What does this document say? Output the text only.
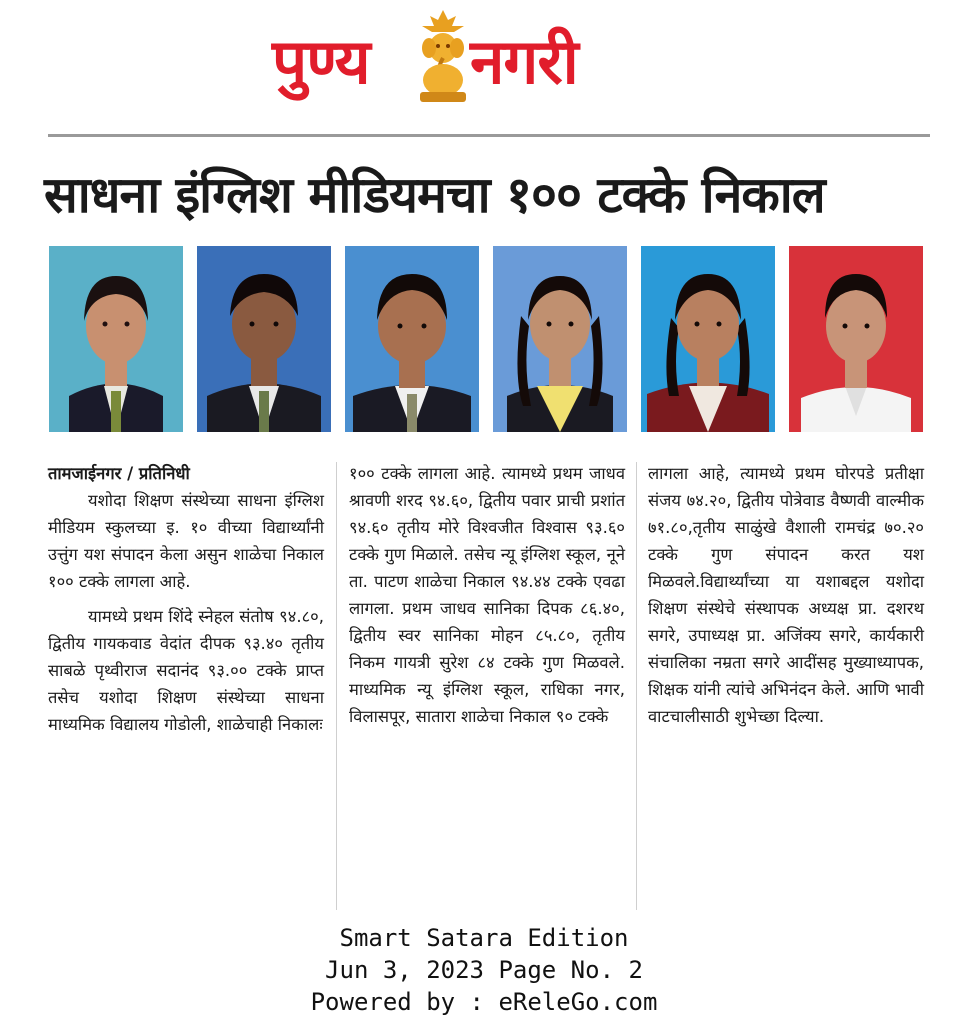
पुण्य नगरी
साधना इंग्लिश मीडियमचा १०० टक्के निकाल

तामजाईनगर / प्रतिनिधी

यशोदा शिक्षण संस्थेच्या साधना इंग्लिश मीडियम स्कुलच्या इ. १० वीच्या विद्यार्थ्यांनी उत्तुंग यश संपादन केला असुन शाळेचा निकाल १०० टक्के लागला आहे.

यामध्ये प्रथम शिंदे स्नेहल संतोष ९४.८०, द्वितीय गायकवाड वेदांत दीपक ९३.४० तृतीय साबळे पृथ्वीराज सदानंद ९३.०० टक्के प्राप्त तसेच यशोदा शिक्षण संस्थेच्या साधना माध्यमिक विद्यालय गोडोली, शाळेचाही निकालः

१०० टक्के लागला आहे. त्यामध्ये प्रथम जाधव श्रावणी शरद ९४.६०, द्वितीय पवार प्राची प्रशांत ९४.६० तृतीय मोरे विश्वजीत विश्वास ९३.६० टक्के गुण मिळाले. तसेच न्यू इंग्लिश स्कूल, नूने ता. पाटण शाळेचा निकाल ९४.४४ टक्के एवढा लागला. प्रथम जाधव सानिका दिपक ८६.४०, द्वितीय स्वर सानिका मोहन ८५.८०, तृतीय निकम गायत्री सुरेश ८४ टक्के गुण मिळवले. माध्यमिक न्यू इंग्लिश स्कूल, राधिका नगर, विलासपूर, सातारा शाळेचा निकाल ९० टक्के

लागला आहे, त्यामध्ये प्रथम घोरपडे प्रतीक्षा संजय ७४.२०, द्वितीय पोत्रेवाड वैष्णवी वाल्मीक ७१.८०,तृतीय साळुंखे वैशाली रामचंद्र ७०.२० टक्के गुण संपादन करत यश मिळवले.विद्यार्थ्यांच्या या यशाबद्दल यशोदा शिक्षण संस्थेचे संस्थापक अध्यक्ष प्रा. दशरथ सगरे, उपाध्यक्ष प्रा. अजिंक्य सगरे, कार्यकारी संचालिका नम्रता सगरे आदींसह मुख्याध्यापक, शिक्षक यांनी त्यांचे अभिनंदन केले. आणि भावी वाटचालीसाठी शुभेच्छा दिल्या.

Smart Satara Edition
Jun 3, 2023 Page No. 2
Powered by : eReleGo.com
